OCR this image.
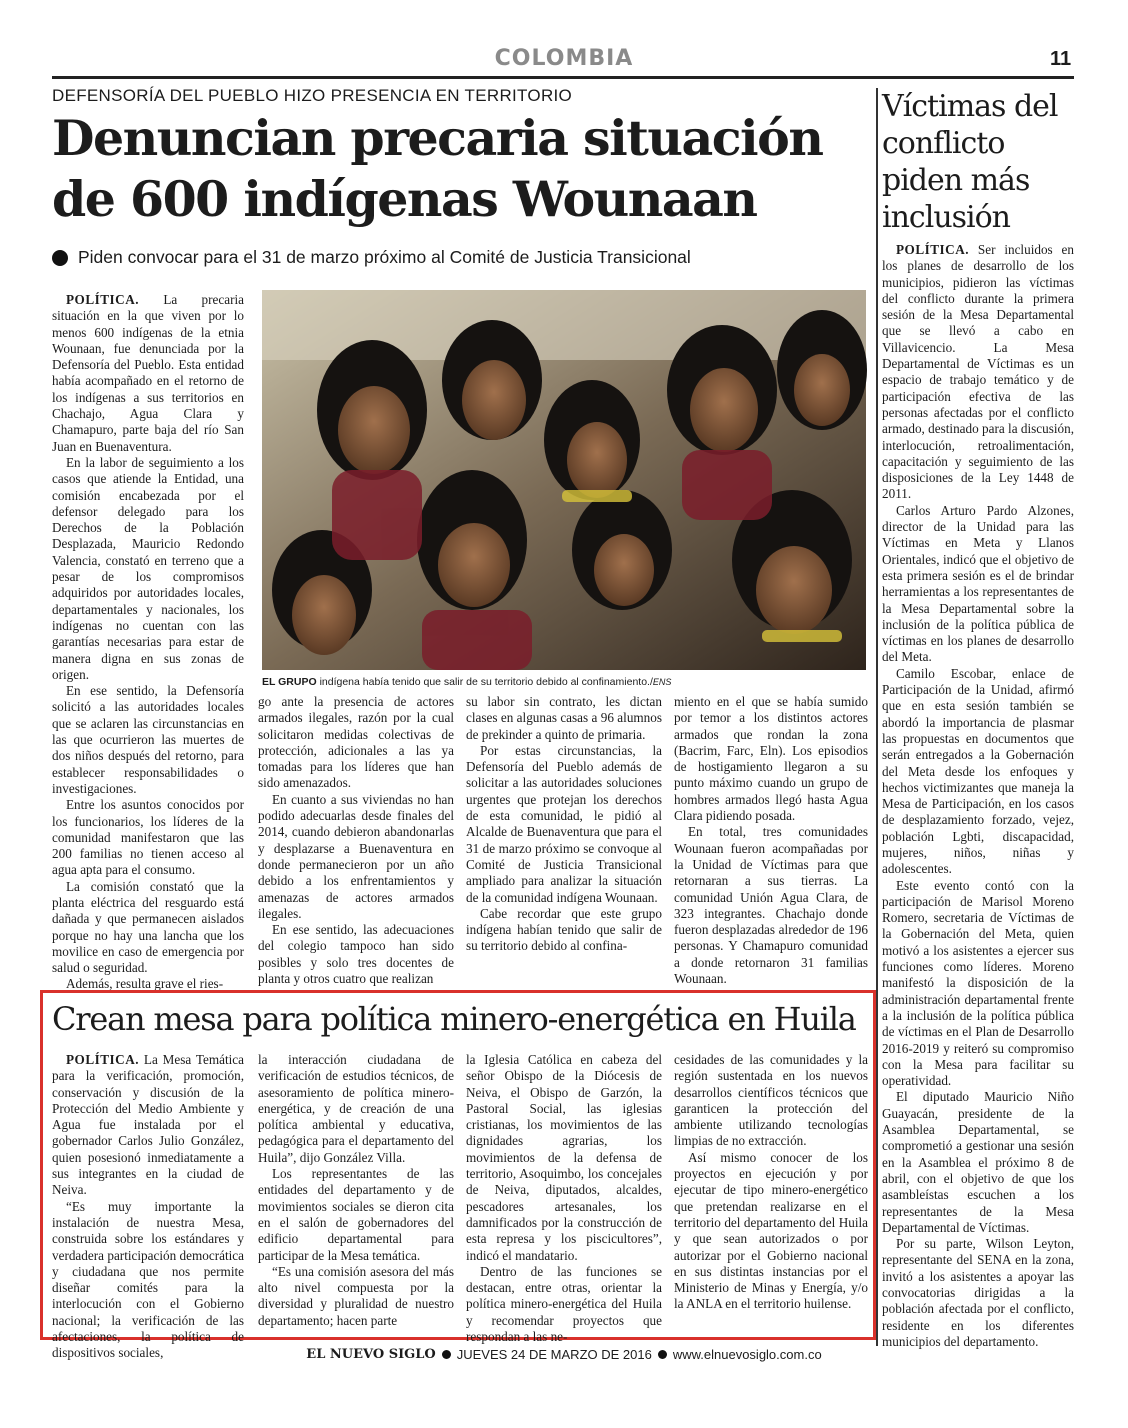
COLOMBIA	11
DEFENSORÍA DEL PUEBLO HIZO PRESENCIA EN TERRITORIO
Denuncian precaria situación
de 600 indígenas Wounaan
Piden convocar para el 31 de marzo próximo al Comité de Justicia Transicional

POLÍTICA. La precaria situación en la que viven por lo menos 600 indígenas de la etnia Wounaan, fue denunciada por la Defensoría del Pueblo. Esta entidad había acompañado en el retorno de los indígenas a sus territorios en Chachajo, Agua Clara y Chamapuro, parte baja del río San Juan en Buenaventura.

En la labor de seguimiento a los casos que atiende la Entidad, una comisión encabezada por el defensor delegado para los Derechos de la Población Desplazada, Mauricio Redondo Valencia, constató en terreno que a pesar de los compromisos adquiridos por autoridades locales, departamentales y nacionales, los indígenas no cuentan con las garantías necesarias para estar de manera digna en sus zonas de origen.

En ese sentido, la Defensoría solicitó a las autoridades locales que se aclaren las circunstancias en las que ocurrieron las muertes de dos niños después del retorno, para establecer responsabilidades o investigaciones.

Entre los asuntos conocidos por los funcionarios, los líderes de la comunidad manifestaron que las 200 familias no tienen acceso al agua apta para el consumo.

La comisión constató que la planta eléctrica del resguardo está dañada y que permanecen aislados porque no hay una lancha que los movilice en caso de emergencia por salud o seguridad.

Además, resulta grave el ries-

EL GRUPO indígena había tenido que salir de su territorio debido al confinamiento./ENS

go ante la presencia de actores armados ilegales, razón por la cual solicitaron medidas colectivas de protección, adicionales a las ya tomadas para los líderes que han sido amenazados.

En cuanto a sus viviendas no han podido adecuarlas desde finales del 2014, cuando debieron abandonarlas y desplazarse a Buenaventura en donde permanecieron por un año debido a los enfrentamientos y amenazas de actores armados ilegales.

En ese sentido, las adecuaciones del colegio tampoco han sido posibles y solo tres docentes de planta y otros cuatro que realizan

su labor sin contrato, les dictan clases en algunas casas a 96 alumnos de prekinder a quinto de primaria.

Por estas circunstancias, la Defensoría del Pueblo además de solicitar a las autoridades soluciones urgentes que protejan los derechos de esta comunidad, le pidió al Alcalde de Buenaventura que para el 31 de marzo próximo se convoque al Comité de Justicia Transicional ampliado para analizar la situación de la comunidad indígena Wounaan.

Cabe recordar que este grupo indígena habían tenido que salir de su territorio debido al confina-

miento en el que se había sumido por temor a los distintos actores armados que rondan la zona (Bacrim, Farc, Eln). Los episodios de hostigamiento llegaron a su punto máximo cuando un grupo de hombres armados llegó hasta Agua Clara pidiendo posada.

En total, tres comunidades Wounaan fueron acompañadas por la Unidad de Víctimas para que retornaran a sus tierras. La comunidad Unión Agua Clara, de 323 integrantes. Chachajo donde fueron desplazadas alrededor de 196 personas. Y Chamapuro comunidad a donde retornaron 31 familias Wounaan.

Víctimas del conflicto piden más inclusión

POLÍTICA. Ser incluidos en los planes de desarrollo de los municipios, pidieron las víctimas del conflicto durante la primera sesión de la Mesa Departamental que se llevó a cabo en Villavicencio. La Mesa Departamental de Víctimas es un espacio de trabajo temático y de participación efectiva de las personas afectadas por el conflicto armado, destinado para la discusión, interlocución, retroalimentación, capacitación y seguimiento de las disposiciones de la Ley 1448 de 2011.

Carlos Arturo Pardo Alzones, director de la Unidad para las Víctimas en Meta y Llanos Orientales, indicó que el objetivo de esta primera sesión es el de brindar herramientas a los representantes de la Mesa Departamental sobre la inclusión de la política pública de víctimas en los planes de desarrollo del Meta.

Camilo Escobar, enlace de Participación de la Unidad, afirmó que en esta sesión también se abordó la importancia de plasmar las propuestas en documentos que serán entregados a la Gobernación del Meta desde los enfoques y hechos victimizantes que maneja la Mesa de Participación, en los casos de desplazamiento forzado, vejez, población Lgbti, discapacidad, mujeres, niños, niñas y adolescentes.

Este evento contó con la participación de Marisol Moreno Romero, secretaria de Víctimas de la Gobernación del Meta, quien motivó a los asistentes a ejercer sus funciones como líderes. Moreno manifestó la disposición de la administración departamental frente a la inclusión de la política pública de víctimas en el Plan de Desarrollo 2016-2019 y reiteró su compromiso con la Mesa para facilitar su operatividad.

El diputado Mauricio Niño Guayacán, presidente de la Asamblea Departamental, se comprometió a gestionar una sesión en la Asamblea el próximo 8 de abril, con el objetivo de que los asambleístas escuchen a los representantes de la Mesa Departamental de Víctimas.

Por su parte, Wilson Leyton, representante del SENA en la zona, invitó a los asistentes a apoyar las convocatorias dirigidas a la población afectada por el conflicto, residente en los diferentes municipios del departamento.

Crean mesa para política minero-energética en Huila

POLÍTICA. La Mesa Temática para la verificación, promoción, conservación y discusión de la Protección del Medio Ambiente y Agua fue instalada por el gobernador Carlos Julio González, quien posesionó inmediatamente a sus integrantes en la ciudad de Neiva.

“Es muy importante la instalación de nuestra Mesa, construida sobre los estándares y verdadera participación democrática y ciudadana que nos permite diseñar comités para la interlocución con el Gobierno nacional; la verificación de las afectaciones, la política de dispositivos sociales,

la interacción ciudadana de verificación de estudios técnicos, de asesoramiento de política minero-energética, y de creación de una política ambiental y educativa, pedagógica para el departamento del Huila”, dijo González Villa.

Los representantes de las entidades del departamento y de movimientos sociales se dieron cita en el salón de gobernadores del edificio departamental para participar de la Mesa temática.

“Es una comisión asesora del más alto nivel compuesta por la diversidad y pluralidad de nuestro departamento; hacen parte

la Iglesia Católica en cabeza del señor Obispo de la Diócesis de Neiva, el Obispo de Garzón, la Pastoral Social, las iglesias cristianas, los movimientos de las dignidades agrarias, los movimientos de la defensa de territorio, Asoquimbo, los concejales de Neiva, diputados, alcaldes, pescadores artesanales, los damnificados por la construcción de esta represa y los piscicultores”, indicó el mandatario.

Dentro de las funciones se destacan, entre otras, orientar la política minero-energética del Huila y recomendar proyectos que respondan a las ne-

cesidades de las comunidades y la región sustentada en los nuevos desarrollos científicos técnicos que garanticen la protección del ambiente utilizando tecnologías limpias de no extracción.

Así mismo conocer de los proyectos en ejecución y por ejecutar de tipo minero-energético que pretendan realizarse en el territorio del departamento del Huila y que sean autorizados o por autorizar por el Gobierno nacional en sus distintas instancias por el Ministerio de Minas y Energía, y/o la ANLA en el territorio huilense.

EL NUEVO SIGLO JUEVES 24 DE MARZO DE 2016 www.elnuevosiglo.com.co
